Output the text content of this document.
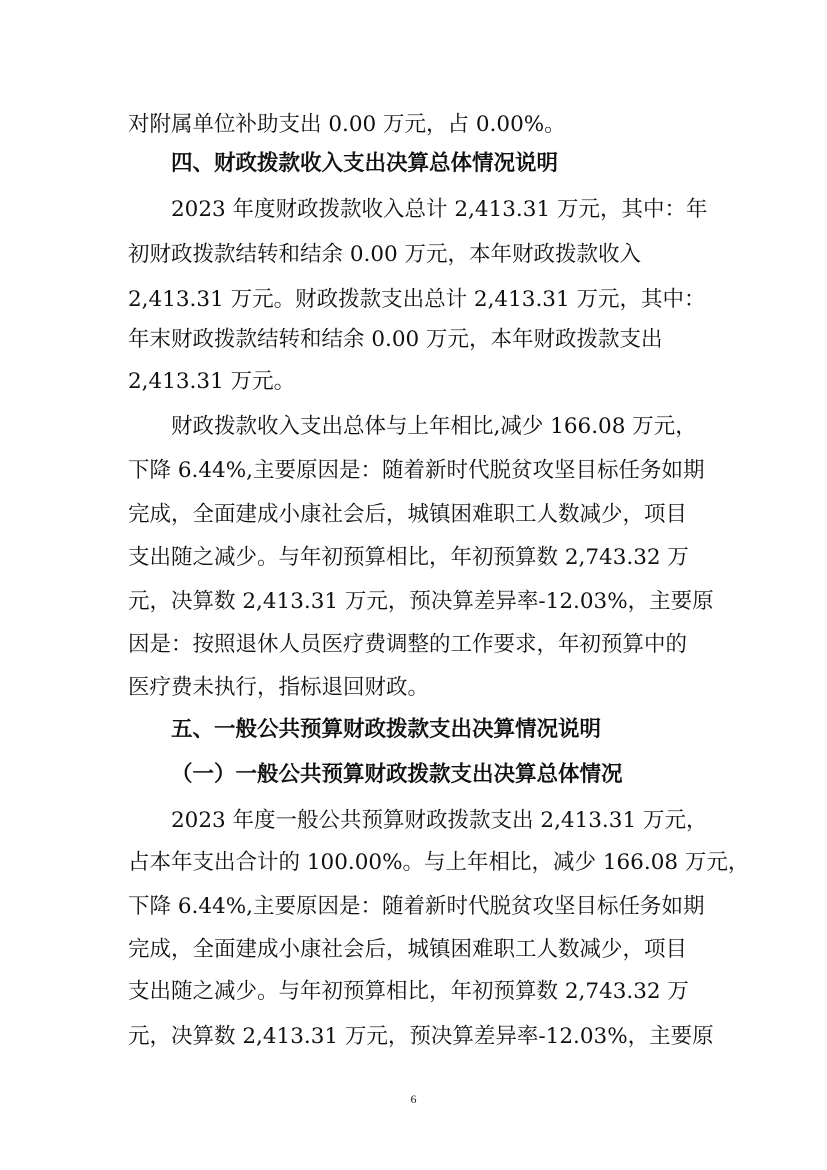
对附属单位补助支出 0.00 万元，占 0.00%。
四、财政拨款收入支出决算总体情况说明
2023 年度财政拨款收入总计 2,413.31 万元，其中：年
初财政拨款结转和结余 0.00 万元，本年财政拨款收入
2,413.31 万元。财政拨款支出总计 2,413.31 万元，其中：
年末财政拨款结转和结余 0.00 万元，本年财政拨款支出
2,413.31 万元。
财政拨款收入支出总体与上年相比,减少 166.08 万元，
下降 6.44%,主要原因是：随着新时代脱贫攻坚目标任务如期
完成，全面建成小康社会后，城镇困难职工人数减少，项目
支出随之减少。与年初预算相比，年初预算数 2,743.32 万
元，决算数 2,413.31 万元，预决算差异率-12.03%，主要原
因是：按照退休人员医疗费调整的工作要求，年初预算中的
医疗费未执行，指标退回财政。
五、一般公共预算财政拨款支出决算情况说明
（一）一般公共预算财政拨款支出决算总体情况
2023 年度一般公共预算财政拨款支出 2,413.31 万元，
占本年支出合计的 100.00%。与上年相比，减少 166.08 万元，
下降 6.44%,主要原因是：随着新时代脱贫攻坚目标任务如期
完成，全面建成小康社会后，城镇困难职工人数减少，项目
支出随之减少。与年初预算相比，年初预算数 2,743.32 万
元，决算数 2,413.31 万元，预决算差异率-12.03%，主要原
6
